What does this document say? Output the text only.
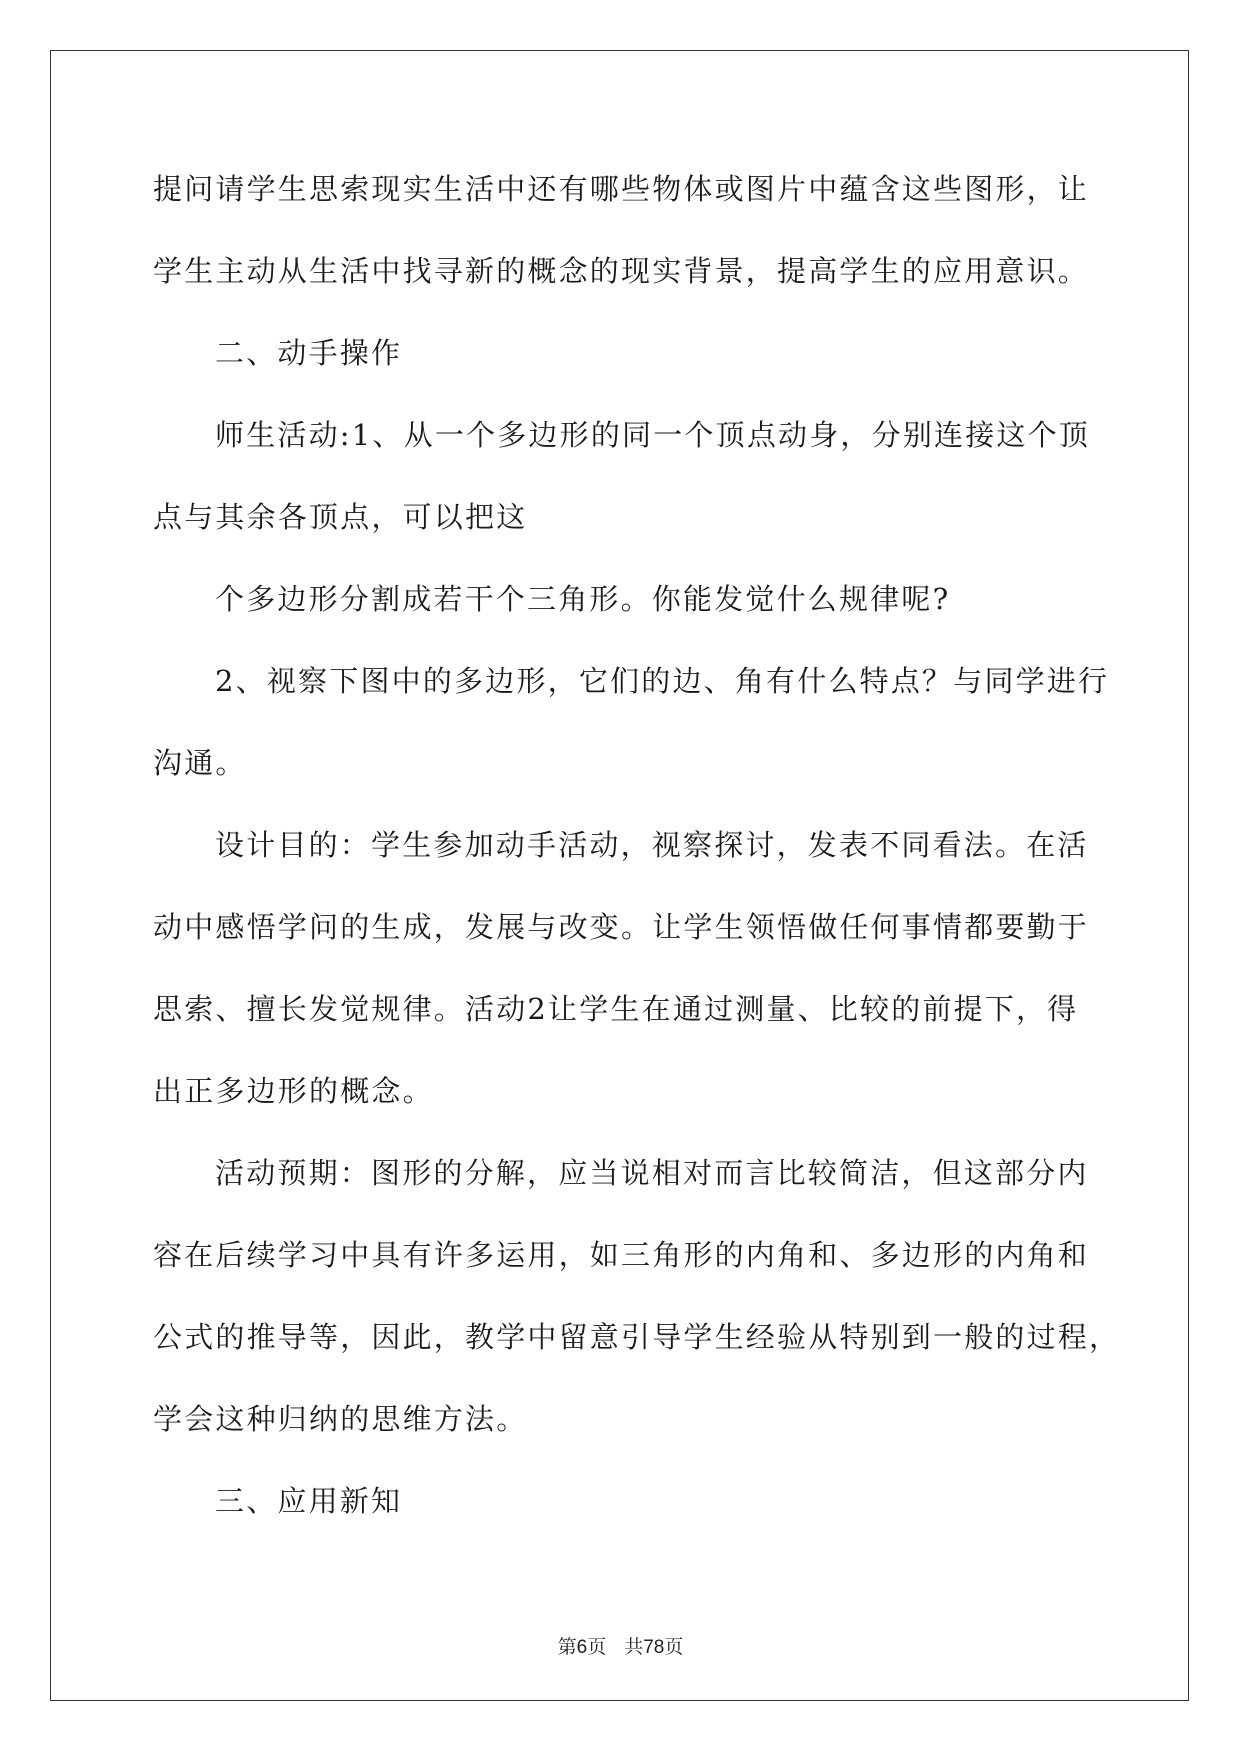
提问请学生思索现实生活中还有哪些物体或图片中蕴含这些图形，让
学生主动从生活中找寻新的概念的现实背景，提高学生的应用意识。
二、动手操作
师生活动:1、从一个多边形的同一个顶点动身，分别连接这个顶
点与其余各顶点，可以把这
个多边形分割成若干个三角形。你能发觉什么规律呢?
2、视察下图中的多边形，它们的边、角有什么特点？与同学进行
沟通。
设计目的：学生参加动手活动，视察探讨，发表不同看法。在活
动中感悟学问的生成，发展与改变。让学生领悟做任何事情都要勤于
思索、擅长发觉规律。活动2让学生在通过测量、比较的前提下，得
出正多边形的概念。
活动预期：图形的分解，应当说相对而言比较简洁，但这部分内
容在后续学习中具有许多运用，如三角形的内角和、多边形的内角和
公式的推导等，因此，教学中留意引导学生经验从特别到一般的过程，
学会这种归纳的思维方法。
三、应用新知
第6页 共78页
